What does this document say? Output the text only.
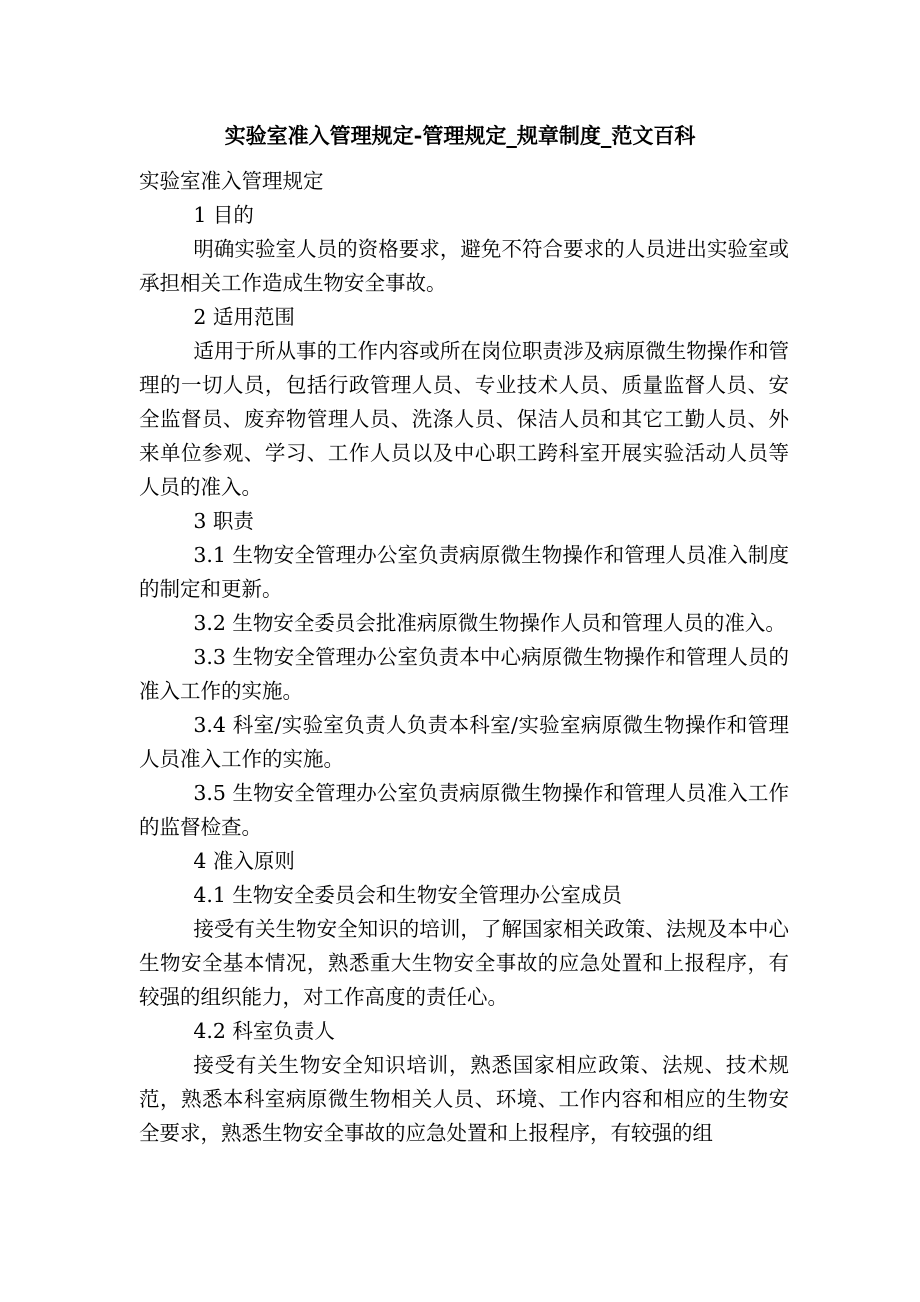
实验室准入管理规定-管理规定_规章制度_范文百科

实验室准入管理规定

1 目的

明确实验室人员的资格要求，避免不符合要求的人员进出实验室或承担相关工作造成生物安全事故。

2 适用范围

适用于所从事的工作内容或所在岗位职责涉及病原微生物操作和管理的一切人员，包括行政管理人员、专业技术人员、质量监督人员、安全监督员、废弃物管理人员、洗涤人员、保洁人员和其它工勤人员、外来单位参观、学习、工作人员以及中心职工跨科室开展实验活动人员等人员的准入。

3 职责

3.1 生物安全管理办公室负责病原微生物操作和管理人员准入制度的制定和更新。

3.2 生物安全委员会批准病原微生物操作人员和管理人员的准入。

3.3 生物安全管理办公室负责本中心病原微生物操作和管理人员的准入工作的实施。

3.4 科室/实验室负责人负责本科室/实验室病原微生物操作和管理人员准入工作的实施。

3.5 生物安全管理办公室负责病原微生物操作和管理人员准入工作的监督检查。

4 准入原则

4.1 生物安全委员会和生物安全管理办公室成员

接受有关生物安全知识的培训，了解国家相关政策、法规及本中心生物安全基本情况，熟悉重大生物安全事故的应急处置和上报程序，有较强的组织能力，对工作高度的责任心。

4.2 科室负责人

接受有关生物安全知识培训，熟悉国家相应政策、法规、技术规范，熟悉本科室病原微生物相关人员、环境、工作内容和相应的生物安全要求，熟悉生物安全事故的应急处置和上报程序，有较强的组
